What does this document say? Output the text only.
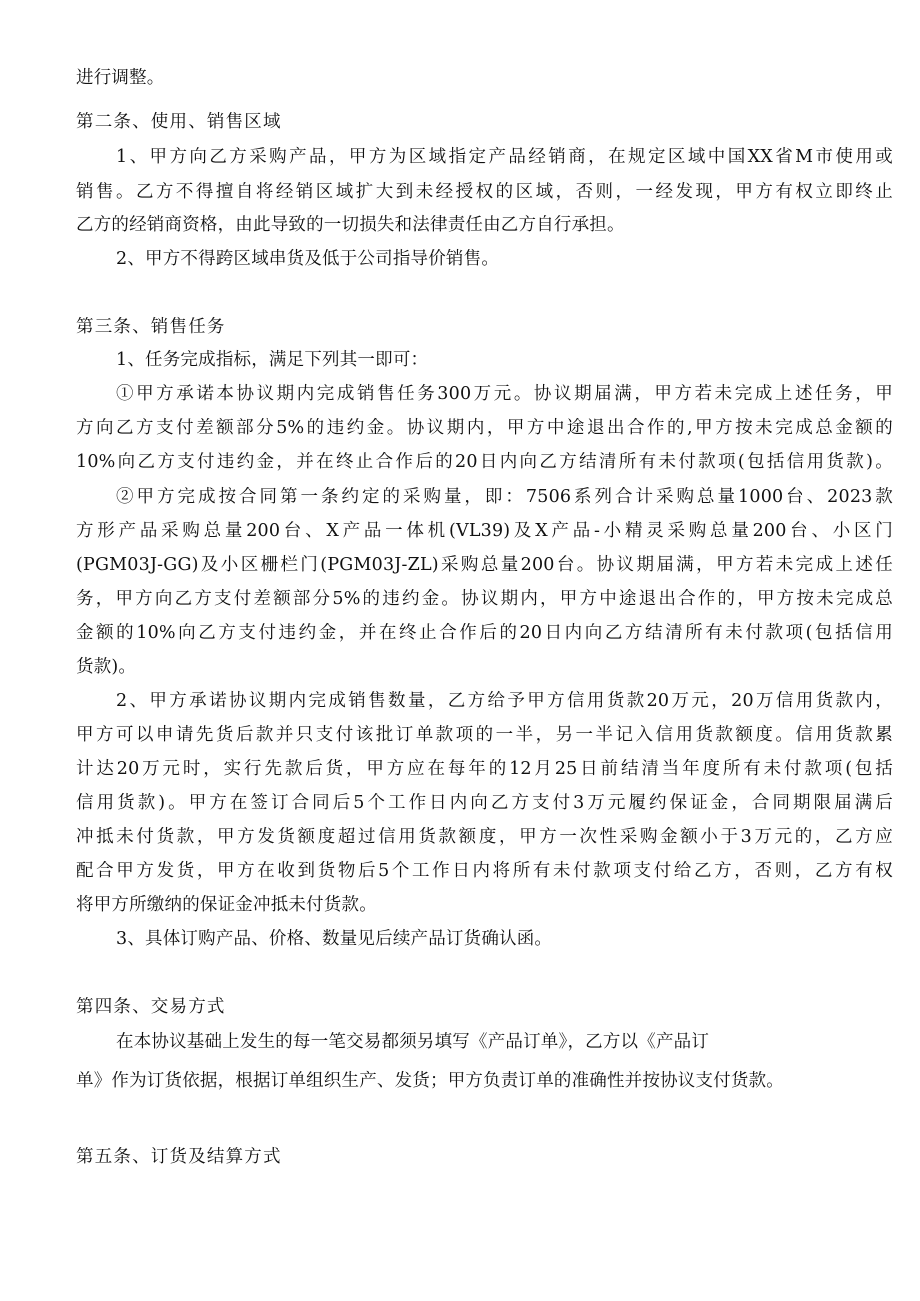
进行调整。

第二条、使用、销售区域

1、甲方向乙方采购产品，甲方为区域指定产品经销商，在规定区域中国XX省M市使用或

销售。乙方不得擅自将经销区域扩大到未经授权的区域，否则，一经发现，甲方有权立即终止

乙方的经销商资格，由此导致的一切损失和法律责任由乙方自行承担。

2、甲方不得跨区域串货及低于公司指导价销售。

第三条、销售任务

1、任务完成指标，满足下列其一即可：

①甲方承诺本协议期内完成销售任务300万元。协议期届满，甲方若未完成上述任务，甲

方向乙方支付差额部分5%的违约金。协议期内，甲方中途退出合作的,甲方按未完成总金额的

10%向乙方支付违约金，并在终止合作后的20日内向乙方结清所有未付款项(包括信用货款)。

②甲方完成按合同第一条约定的采购量，即：7506系列合计采购总量1000台、2023款

方形产品采购总量200台、X产品一体机(VL39)及X产品-小精灵采购总量200台、小区门

(PGM03J-GG)及小区栅栏门(PGM03J-ZL)采购总量200台。协议期届满，甲方若未完成上述任

务，甲方向乙方支付差额部分5%的违约金。协议期内，甲方中途退出合作的，甲方按未完成总

金额的10%向乙方支付违约金，并在终止合作后的20日内向乙方结清所有未付款项(包括信用

货款)。

2、甲方承诺协议期内完成销售数量，乙方给予甲方信用货款20万元，20万信用货款内，

甲方可以申请先货后款并只支付该批订单款项的一半，另一半记入信用货款额度。信用货款累

计达20万元时，实行先款后货，甲方应在每年的12月25日前结清当年度所有未付款项(包括

信用货款)。甲方在签订合同后5个工作日内向乙方支付3万元履约保证金，合同期限届满后

冲抵未付货款，甲方发货额度超过信用货款额度，甲方一次性采购金额小于3万元的，乙方应

配合甲方发货，甲方在收到货物后5个工作日内将所有未付款项支付给乙方，否则，乙方有权

将甲方所缴纳的保证金冲抵未付货款。

3、具体订购产品、价格、数量见后续产品订货确认函。

第四条、交易方式

在本协议基础上发生的每一笔交易都须另填写《产品订单》，乙方以《产品订

单》作为订货依据，根据订单组织生产、发货；甲方负责订单的准确性并按协议支付货款。

第五条、订货及结算方式
